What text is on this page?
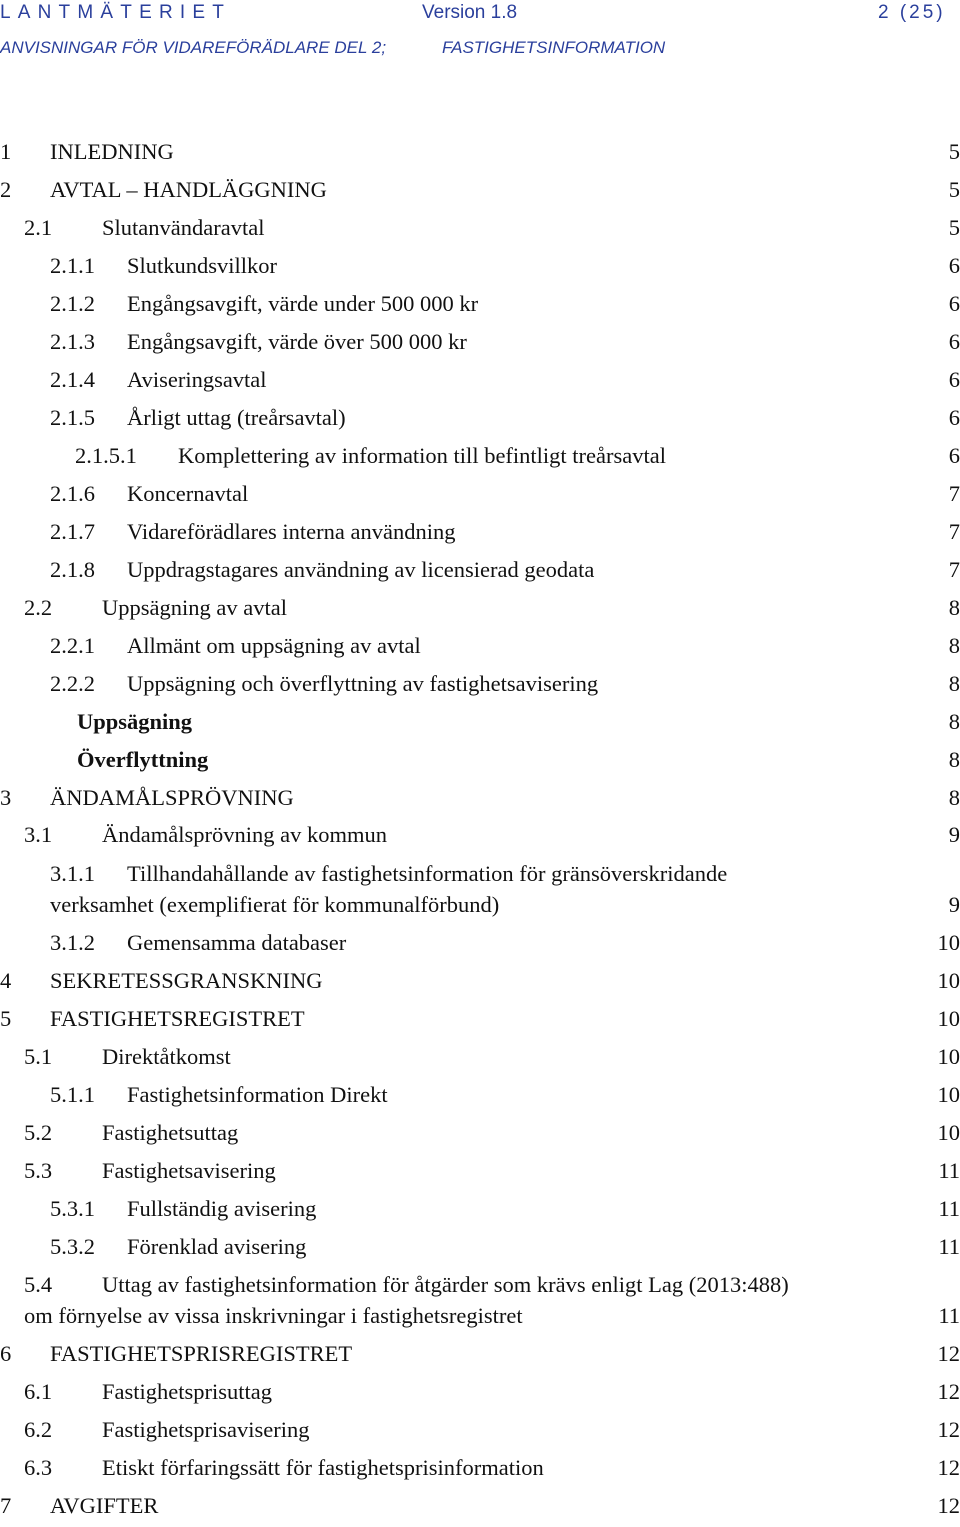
LANTMÄTERIET	Version 1.8	2 (25)
ANVISNINGAR FÖR VIDAREFÖRÄDLARE DEL 2;	FASTIGHETSINFORMATION
1 INLEDNING	5
2 AVTAL – HANDLÄGGNING	5
2.1 Slutanvändaravtal	5
2.1.1 Slutkundsvillkor	6
2.1.2 Engångsavgift, värde under 500 000 kr	6
2.1.3 Engångsavgift, värde över 500 000 kr	6
2.1.4 Aviseringsavtal	6
2.1.5 Årligt uttag (treårsavtal)	6
2.1.5.1 Komplettering av information till befintligt treårsavtal	6
2.1.6 Koncernavtal	7
2.1.7 Vidareförädlares interna användning	7
2.1.8 Uppdragstagares användning av licensierad geodata	7
2.2 Uppsägning av avtal	8
2.2.1 Allmänt om uppsägning av avtal	8
2.2.2 Uppsägning och överflyttning av fastighetsavisering	8
Uppsägning	8
Överflyttning	8
3 ÄNDAMÅLSPRÖVNING	8
3.1 Ändamålsprövning av kommun	9
3.1.1 Tillhandahållande av fastighetsinformation för gränsöverskridande
verksamhet (exemplifierat för kommunalförbund)	9
3.1.2 Gemensamma databaser	10
4 SEKRETESSGRANSKNING	10
5 FASTIGHETSREGISTRET	10
5.1 Direktåtkomst	10
5.1.1 Fastighetsinformation Direkt	10
5.2 Fastighetsuttag	10
5.3 Fastighetsavisering	11
5.3.1 Fullständig avisering	11
5.3.2 Förenklad avisering	11
5.4 Uttag av fastighetsinformation för åtgärder som krävs enligt Lag (2013:488)
om förnyelse av vissa inskrivningar i fastighetsregistret	11
6 FASTIGHETSPRISREGISTRET	12
6.1 Fastighetsprisuttag	12
6.2 Fastighetsprisavisering	12
6.3 Etiskt förfaringssätt för fastighetsprisinformation	12
7 AVGIFTER	12
